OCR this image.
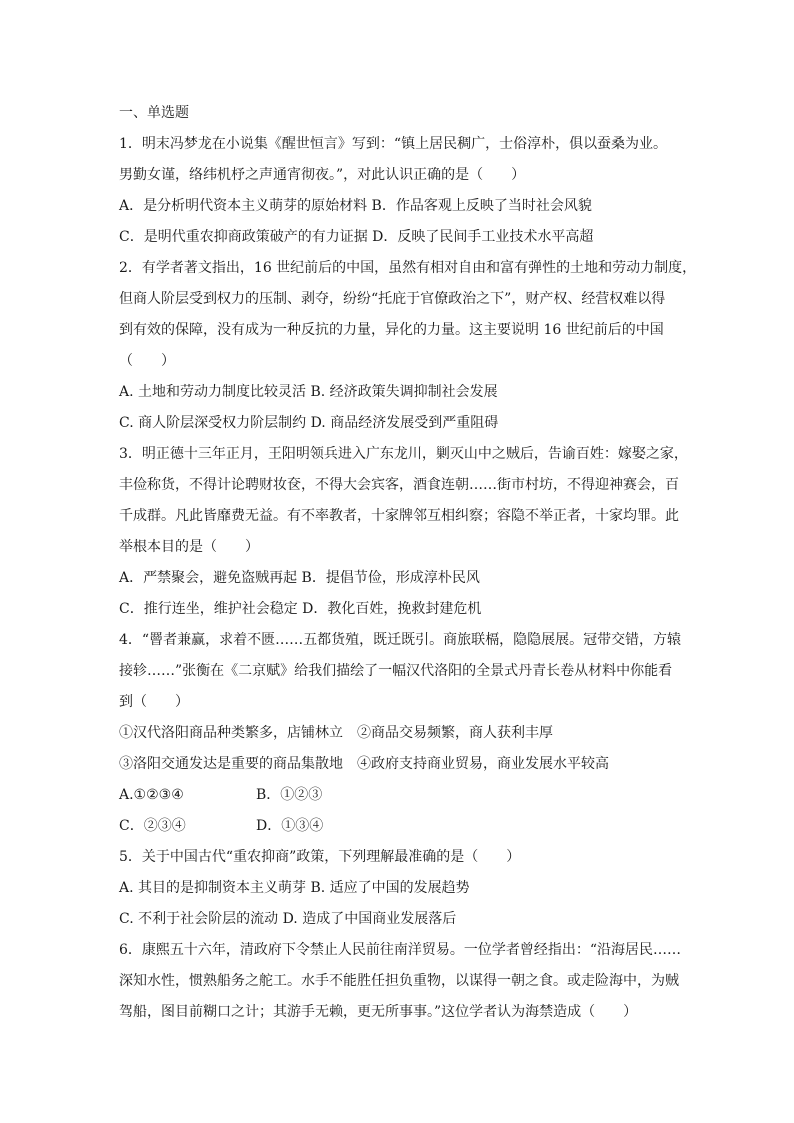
一、单选题
1．明末冯梦龙在小说集《醒世恒言》写到：“镇上居民稠广，士俗淳朴，俱以蚕桑为业。
男勤女谨，络纬机杼之声通宵彻夜。”，对此认识正确的是（　　）
A．是分析明代资本主义萌芽的原始材料 B．作品客观上反映了当时社会风貌
C．是明代重农抑商政策破产的有力证据 D．反映了民间手工业技术水平高超
2．有学者著文指出，16 世纪前后的中国，虽然有相对自由和富有弹性的土地和劳动力制度，
但商人阶层受到权力的压制、剥夺，纷纷“托庇于官僚政治之下”，财产权、经营权难以得
到有效的保障，没有成为一种反抗的力量，异化的力量。这主要说明 16 世纪前后的中国
（　　）
A. 土地和劳动力制度比较灵活 B. 经济政策失调抑制社会发展
C. 商人阶层深受权力阶层制约 D. 商品经济发展受到严重阻碍
3．明正德十三年正月，王阳明领兵进入广东龙川，剿灭山中之贼后，告谕百姓：嫁娶之家，
丰俭称货，不得计论聘财妆奁，不得大会宾客，酒食连朝……街市村坊，不得迎神赛会，百
千成群。凡此皆靡费无益。有不率教者，十家牌邻互相纠察；容隐不举正者，十家均罪。此
举根本目的是（　　）
A．严禁聚会，避免盗贼再起 B．提倡节俭，形成淳朴民风
C．推行连坐，维护社会稳定 D．教化百姓，挽救封建危机
4．“罾者兼赢，求着不匮……五都货殖，既迁既引。商旅联槅，隐隐展展。冠带交错，方辕
接轸……”张衡在《二京赋》给我们描绘了一幅汉代洛阳的全景式丹青长卷从材料中你能看
到（　　）
①汉代洛阳商品种类繁多，店铺林立　②商品交易频繁，商人获利丰厚
③洛阳交通发达是重要的商品集散地　④政府支持商业贸易，商业发展水平较高
A.①②③④	B．①②③
C．②③④	D．①③④
5．关于中国古代“重农抑商”政策，下列理解最准确的是（　　）
A. 其目的是抑制资本主义萌芽 B. 适应了中国的发展趋势
C. 不利于社会阶层的流动 D. 造成了中国商业发展落后
6．康熙五十六年，清政府下令禁止人民前往南洋贸易。一位学者曾经指出：“沿海居民……
深知水性，惯熟船务之舵工。水手不能胜任担负重物，以谋得一朝之食。或走险海中，为贼
驾船，图目前糊口之计；其游手无赖，更无所事事。”这位学者认为海禁造成（　　）
